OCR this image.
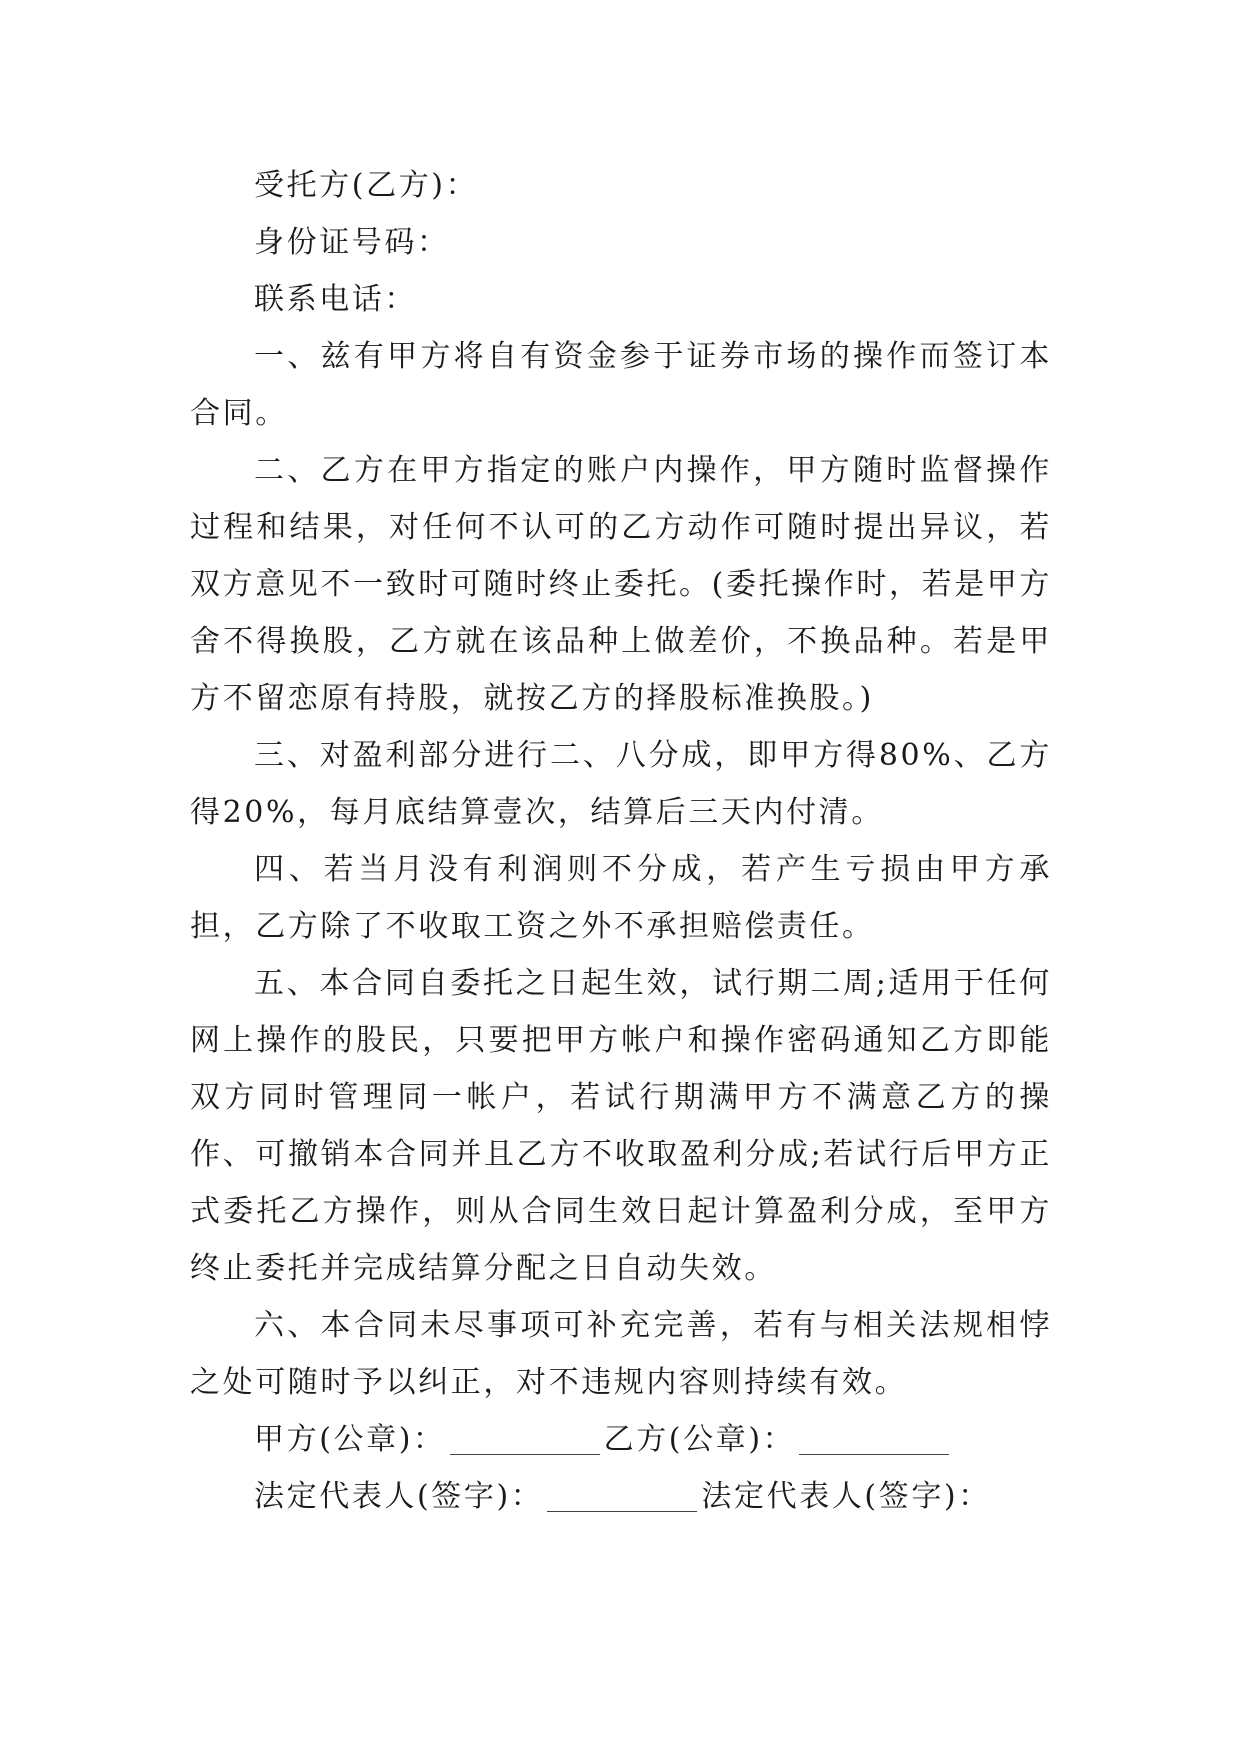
受托方(乙方)：

身份证号码：

联系电话：

一、兹有甲方将自有资金参于证券市场的操作而签订本合同。

二、乙方在甲方指定的账户内操作，甲方随时监督操作过程和结果，对任何不认可的乙方动作可随时提出异议，若双方意见不一致时可随时终止委托。(委托操作时，若是甲方舍不得换股，乙方就在该品种上做差价，不换品种。若是甲方不留恋原有持股，就按乙方的择股标准换股。)

三、对盈利部分进行二、八分成，即甲方得80%、乙方得20%，每月底结算壹次，结算后三天内付清。

四、若当月没有利润则不分成，若产生亏损由甲方承担，乙方除了不收取工资之外不承担赔偿责任。

五、本合同自委托之日起生效，试行期二周;适用于任何网上操作的股民，只要把甲方帐户和操作密码通知乙方即能双方同时管理同一帐户，若试行期满甲方不满意乙方的操作、可撤销本合同并且乙方不收取盈利分成;若试行后甲方正式委托乙方操作，则从合同生效日起计算盈利分成，至甲方终止委托并完成结算分配之日自动失效。

六、本合同未尽事项可补充完善，若有与相关法规相悖之处可随时予以纠正，对不违规内容则持续有效。

甲方(公章)：	乙方(公章)：

法定代表人(签字)：	法定代表人(签字)：
